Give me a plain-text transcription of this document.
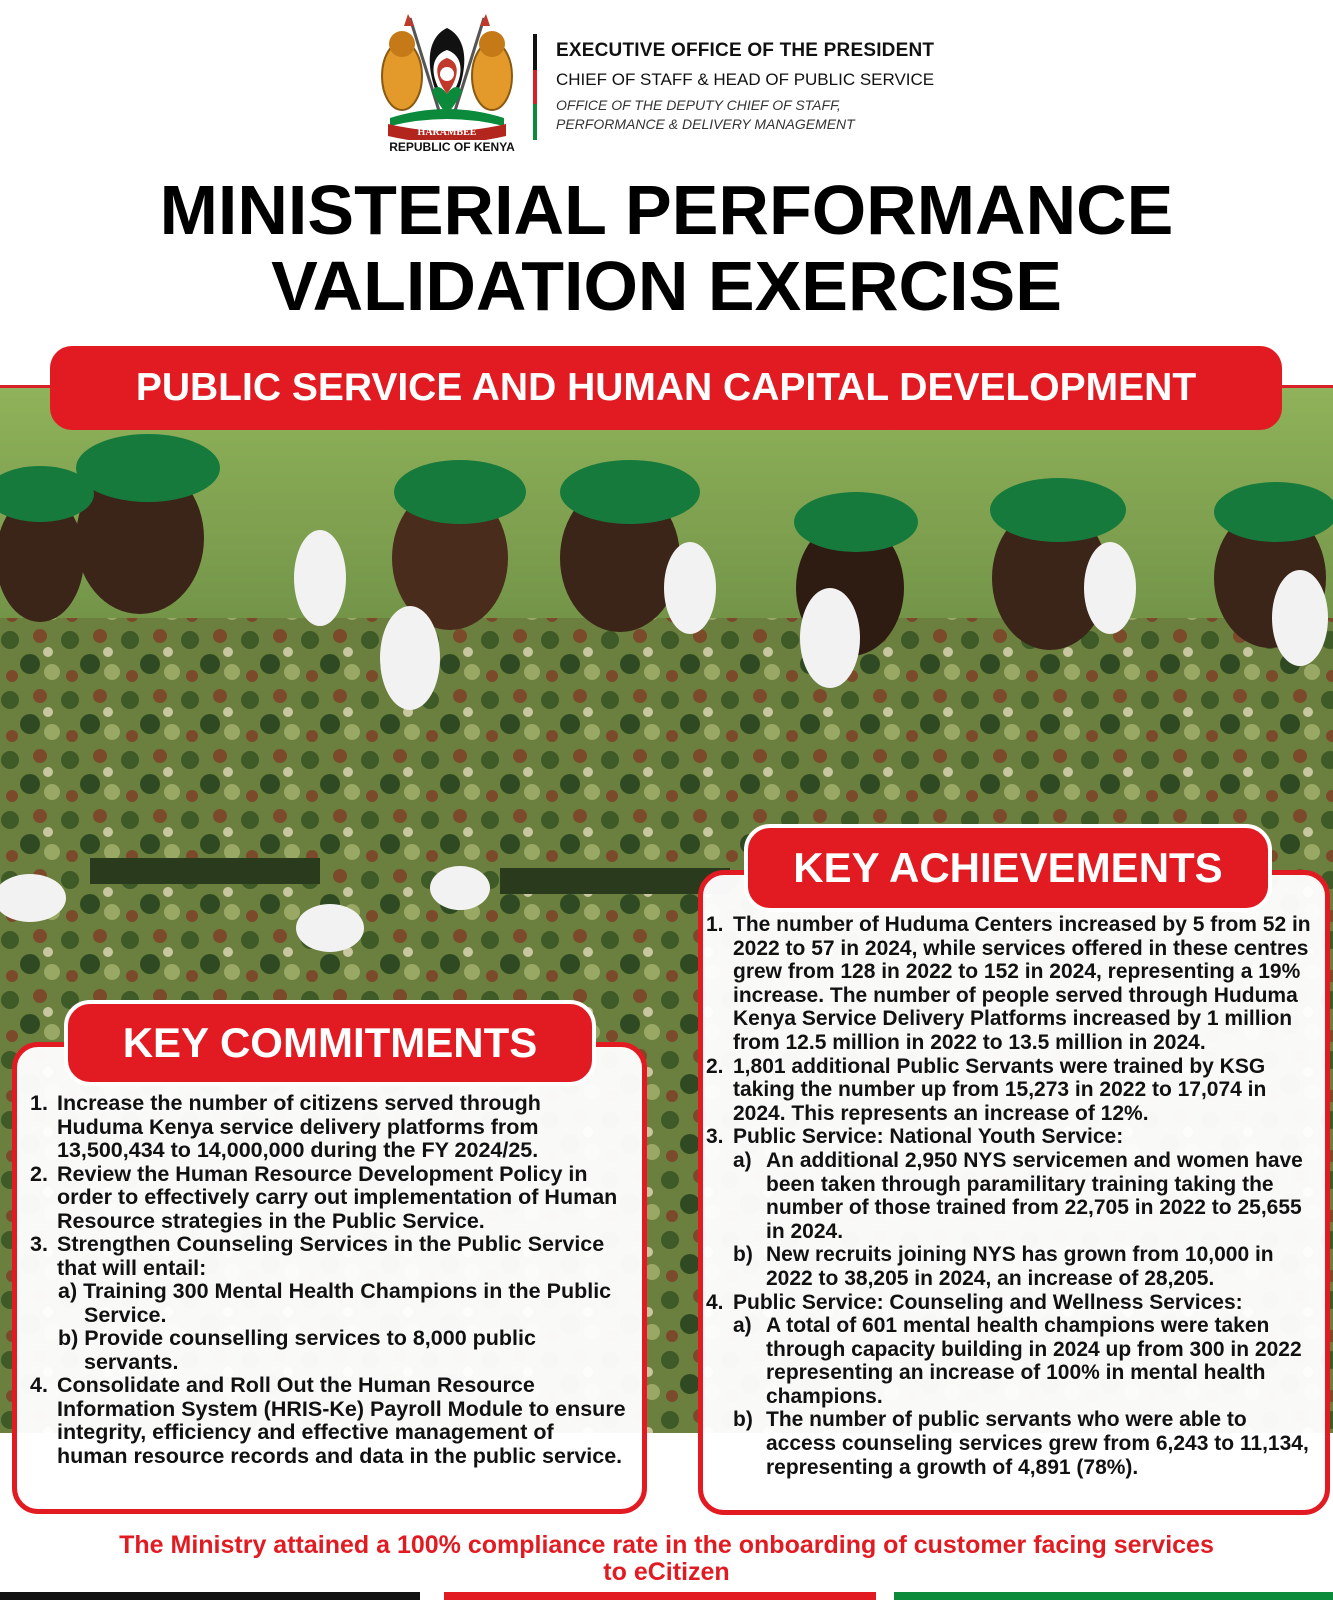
HARAMBEE
REPUBLIC OF KENYA
EXECUTIVE OFFICE OF THE PRESIDENT
CHIEF OF STAFF & HEAD OF PUBLIC SERVICE
OFFICE OF THE DEPUTY CHIEF OF STAFF,
PERFORMANCE & DELIVERY MANAGEMENT
MINISTERIAL PERFORMANCE
VALIDATION EXERCISE
PUBLIC SERVICE AND HUMAN CAPITAL DEVELOPMENT
KEY ACHIEVEMENTS
1. The number of Huduma Centers increased by 5 from 52 in 2022 to 57 in 2024, while services offered in these centres grew from 128 in 2022 to 152 in 2024, representing a 19% increase. The number of people served through Huduma Kenya Service Delivery Platforms increased by 1 million from 12.5 million in 2022 to 13.5 million in 2024.
2. 1,801 additional Public Servants were trained by KSG taking the number up from 15,273 in 2022 to 17,074 in 2024. This represents an increase of 12%.
3. Public Service: National Youth Service:
a) An additional 2,950 NYS servicemen and women have been taken through paramilitary training taking the number of those trained from 22,705 in 2022 to 25,655 in 2024.
b) New recruits joining NYS has grown from 10,000 in 2022 to 38,205 in 2024, an increase of 28,205.
4. Public Service: Counseling and Wellness Services:
a) A total of 601 mental health champions were taken through capacity building in 2024 up from 300 in 2022 representing an increase of 100% in mental health champions.
b) The number of public servants who were able to access counseling services grew from 6,243 to 11,134, representing a growth of 4,891 (78%).
KEY COMMITMENTS
1. Increase the number of citizens served through Huduma Kenya service delivery platforms from 13,500,434 to 14,000,000 during the FY 2024/25.
2. Review the Human Resource Development Policy in order to effectively carry out implementation of Human Resource strategies in the Public Service.
3. Strengthen Counseling Services in the Public Service that will entail:
a) Training 300 Mental Health Champions in the Public Service.
b) Provide counselling services to 8,000 public servants.
4. Consolidate and Roll Out the Human Resource Information System (HRIS-Ke) Payroll Module to ensure integrity, efficiency and effective management of human resource records and data in the public service.
The Ministry attained a 100% compliance rate in the onboarding of customer facing services
to eCitizen
